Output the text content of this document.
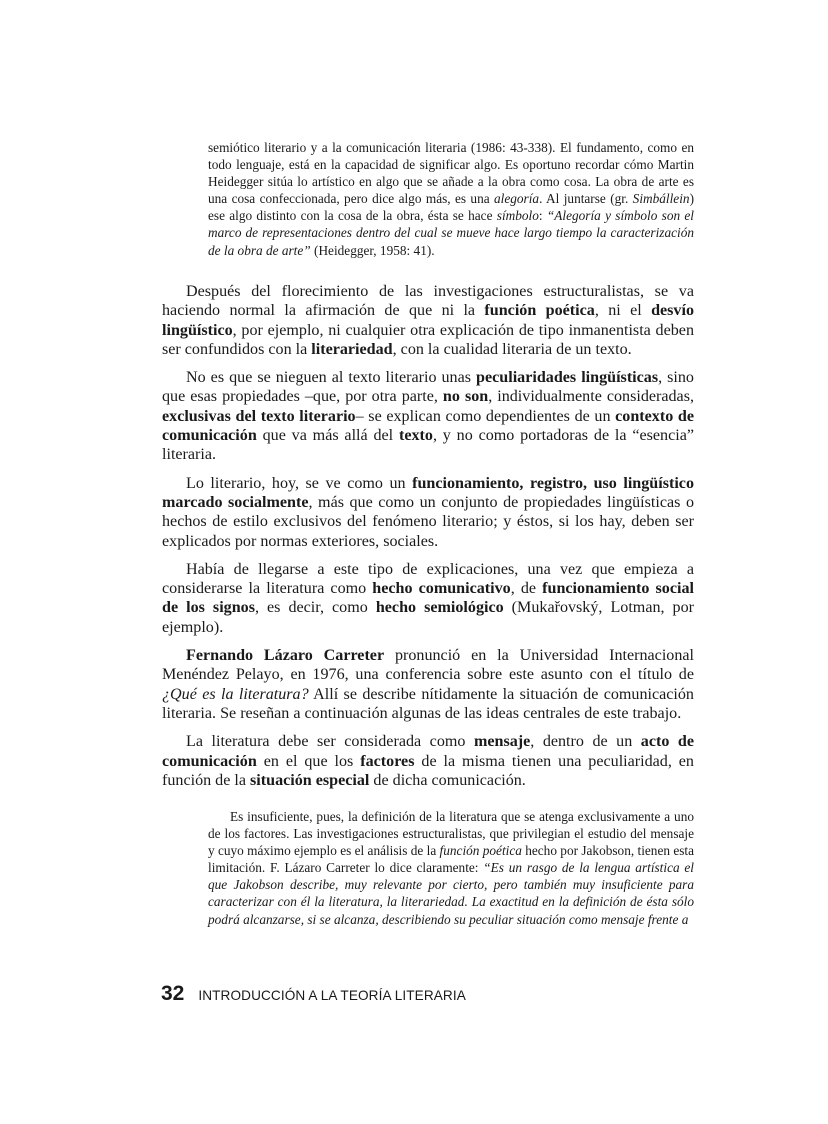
semiótico literario y a la comunicación literaria (1986: 43-338). El fundamento, como en todo lenguaje, está en la capacidad de significar algo. Es oportuno recordar cómo Martin Heidegger sitúa lo artístico en algo que se añade a la obra como cosa. La obra de arte es una cosa confeccionada, pero dice algo más, es una alegoría. Al juntarse (gr. Simbállein) ese algo distinto con la cosa de la obra, ésta se hace símbolo: “Alegoría y símbolo son el marco de representaciones dentro del cual se mueve hace largo tiempo la caracterización de la obra de arte” (Heidegger, 1958: 41).

Después del florecimiento de las investigaciones estructuralistas, se va haciendo normal la afirmación de que ni la función poética, ni el desvío lingüístico, por ejemplo, ni cualquier otra explicación de tipo inmanentista deben ser confundidos con la literariedad, con la cualidad literaria de un texto.

No es que se nieguen al texto literario unas peculiaridades lingüísticas, sino que esas propiedades –que, por otra parte, no son, individualmente consideradas, exclusivas del texto literario– se explican como dependientes de un contexto de comunicación que va más allá del texto, y no como portadoras de la “esencia” literaria.

Lo literario, hoy, se ve como un funcionamiento, registro, uso lingüístico marcado socialmente, más que como un conjunto de propiedades lingüísticas o hechos de estilo exclusivos del fenómeno literario; y éstos, si los hay, deben ser explicados por normas exteriores, sociales.

Había de llegarse a este tipo de explicaciones, una vez que empieza a considerarse la literatura como hecho comunicativo, de funcionamiento social de los signos, es decir, como hecho semiológico (Mukařovský, Lotman, por ejemplo).

Fernando Lázaro Carreter pronunció en la Universidad Internacional Menéndez Pelayo, en 1976, una conferencia sobre este asunto con el título de ¿Qué es la literatura? Allí se describe nítidamente la situación de comunicación literaria. Se reseñan a continuación algunas de las ideas centrales de este trabajo.

La literatura debe ser considerada como mensaje, dentro de un acto de comunicación en el que los factores de la misma tienen una peculiaridad, en función de la situación especial de dicha comunicación.

Es insuficiente, pues, la definición de la literatura que se atenga exclusivamente a uno de los factores. Las investigaciones estructuralistas, que privilegian el estudio del mensaje y cuyo máximo ejemplo es el análisis de la función poética hecho por Jakobson, tienen esta limitación. F. Lázaro Carreter lo dice claramente: “Es un rasgo de la lengua artística el que Jakobson describe, muy relevante por cierto, pero también muy insuficiente para caracterizar con él la literatura, la literariedad. La exactitud en la definición de ésta sólo podrá alcanzarse, si se alcanza, describiendo su peculiar situación como mensaje frente a

32 INTRODUCCIÓN A LA TEORÍA LITERARIA
